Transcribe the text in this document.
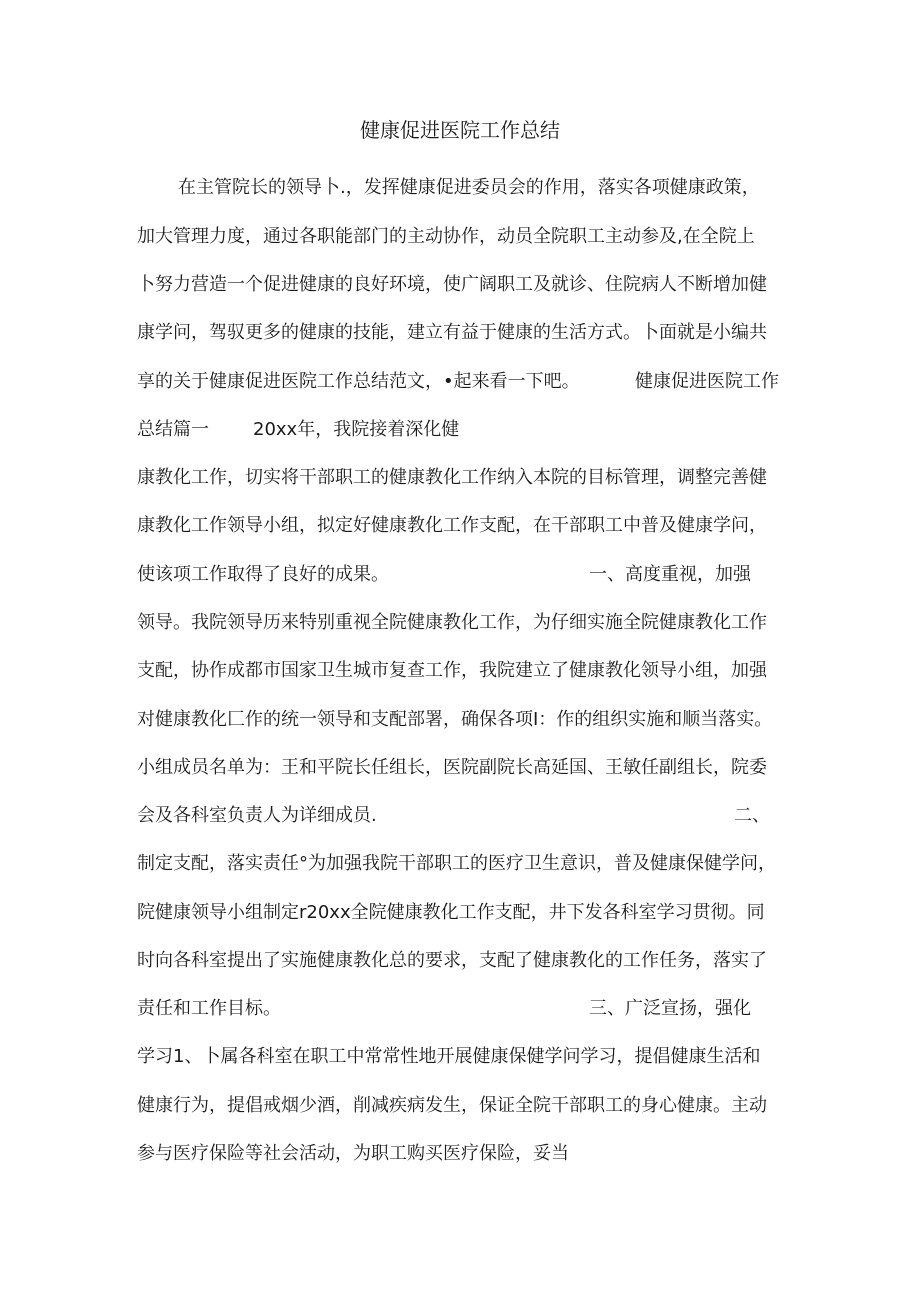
健康促进医院工作总结
在主管院长的领导卜.，发挥健康促进委员会的作用，落实各项健康政策，
加大管理力度，通过各职能部门的主动协作，动员全院职工主动参及,在全院上
卜努力营造一个促进健康的良好环境，使广阔职工及就诊、住院病人不断增加健
康学问，驾驭更多的健康的技能，建立有益于健康的生活方式。卜面就是小编共
享的关于健康促进医院工作总结范文，•起来看一下吧。	健康促进医院工作
总结篇一 20xx年，我院接着深化健
康教化工作，切实将干部职工的健康教化工作纳入本院的目标管理，调整完善健
康教化工作领导小组，拟定好健康教化工作支配，在干部职工中普及健康学问，
使该项工作取得了良好的成果。	一、高度重视，加强
领导。我院领导历来特别重视全院健康教化工作，为仔细实施全院健康教化工作
支配，协作成都市国家卫生城市复查工作，我院建立了健康教化领导小组，加强
对健康教化匚作的统一领导和支配部署，确保各项I：作的组织实施和顺当落实。
小组成员名单为：王和平院长任组长，医院副院长高延国、王敏任副组长，院委
会及各科室负责人为详细成员.	二、
制定支配，落实责任°为加强我院干部职工的医疗卫生意识，普及健康保健学问，
院健康领导小组制定r20xx全院健康教化工作支配，井下发各科室学习贯彻。同
时向各科室提出了实施健康教化总的要求，支配了健康教化的工作任务，落实了
责任和工作目标。	三、广泛宣扬，强化
学习1、卜属各科室在职工中常常性地开展健康保健学问学习，提倡健康生活和
健康行为，提倡戒烟少酒，削减疾病发生，保证全院干部职工的身心健康。主动
参与医疗保险等社会活动，为职工购买医疗保险，妥当
